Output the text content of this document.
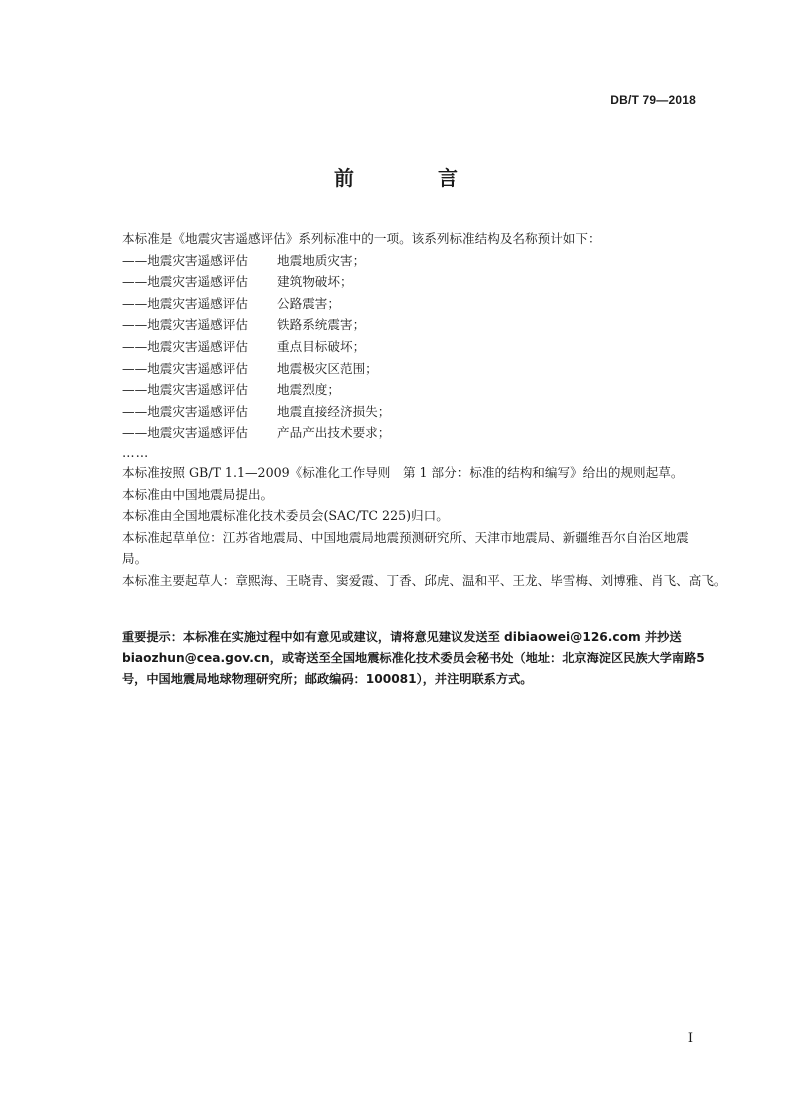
DB/T 79—2018
前　言

本标准是《地震灾害遥感评估》系列标准中的一项。该系列标准结构及名称预计如下：

——地震灾害遥感评估	地震地质灾害；
——地震灾害遥感评估	建筑物破坏；
——地震灾害遥感评估	公路震害；
——地震灾害遥感评估	铁路系统震害；
——地震灾害遥感评估	重点目标破坏；
——地震灾害遥感评估	地震极灾区范围；
——地震灾害遥感评估	地震烈度；
——地震灾害遥感评估	地震直接经济损失；
——地震灾害遥感评估	产品产出技术要求；

……

本标准按照 GB/T 1.1—2009《标准化工作导则　第 1 部分：标准的结构和编写》给出的规则起草。

本标准由中国地震局提出。

本标准由全国地震标准化技术委员会(SAC/TC 225)归口。

本标准起草单位：江苏省地震局、中国地震局地震预测研究所、天津市地震局、新疆维吾尔自治区地震局。

本标准主要起草人：章熙海、王晓青、窦爱霞、丁香、邱虎、温和平、王龙、毕雪梅、刘博雅、肖飞、高飞。

重要提示：本标准在实施过程中如有意见或建议，请将意见建议发送至 dibiaowei@126.com 并抄送 biaozhun@cea.gov.cn，或寄送至全国地震标准化技术委员会秘书处（地址：北京海淀区民族大学南路5号，中国地震局地球物理研究所；邮政编码：100081），并注明联系方式。
I
